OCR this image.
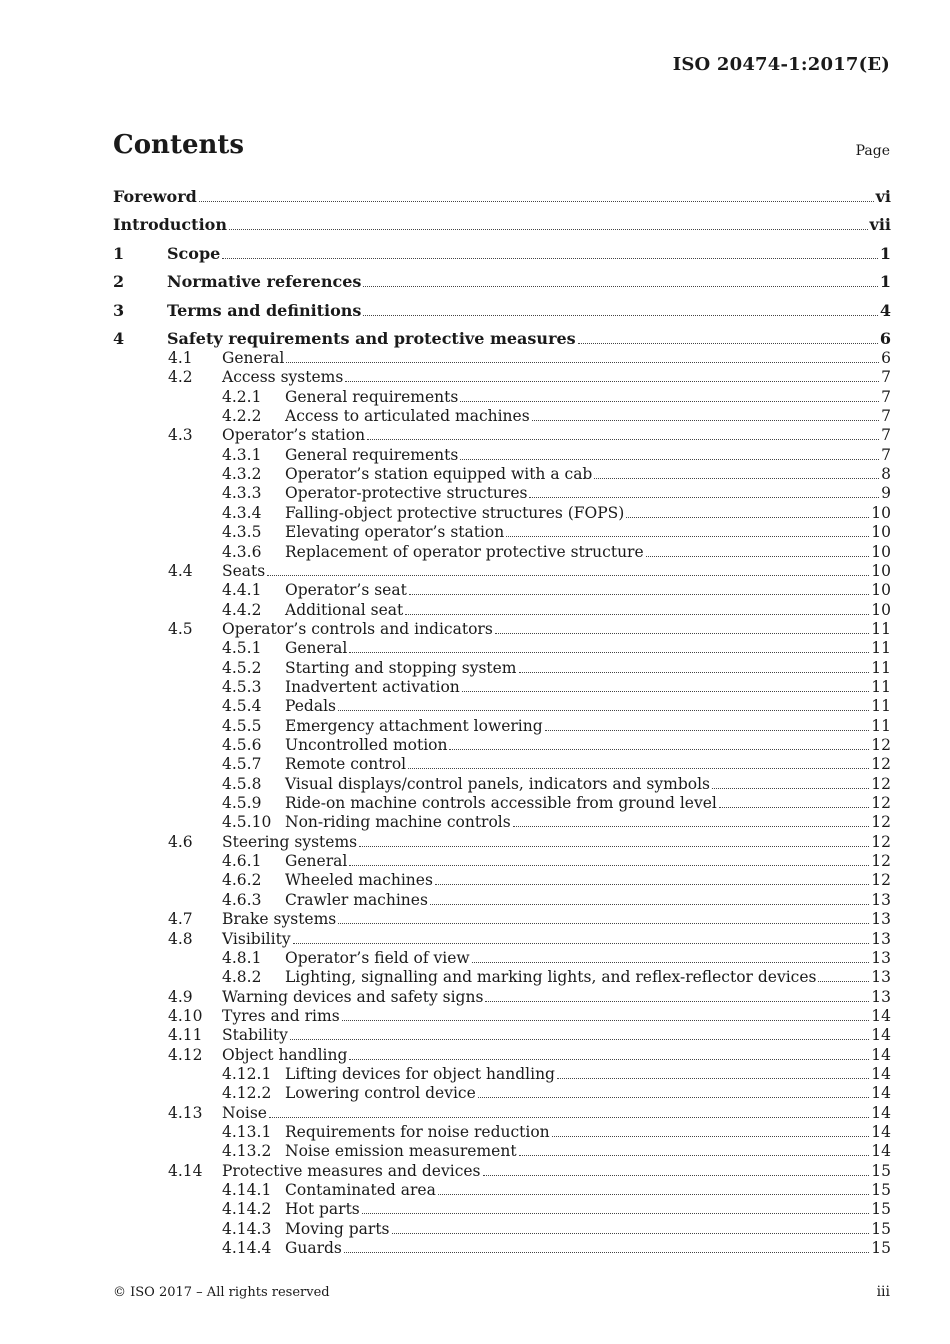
ISO 20474-1:2017(E)
Contents	Page
Foreword	vi
Introduction	vii
1	Scope	1
2	Normative references	1
3	Terms and definitions	4
4	Safety requirements and protective measures	6
4.1	General	6
4.2	Access systems	7
4.2.1	General requirements	7
4.2.2	Access to articulated machines	7
4.3	Operator’s station	7
4.3.1	General requirements	7
4.3.2	Operator’s station equipped with a cab	8
4.3.3	Operator-protective structures	9
4.3.4	Falling-object protective structures (FOPS)	10
4.3.5	Elevating operator’s station	10
4.3.6	Replacement of operator protective structure	10
4.4	Seats	10
4.4.1	Operator’s seat	10
4.4.2	Additional seat	10
4.5	Operator’s controls and indicators	11
4.5.1	General	11
4.5.2	Starting and stopping system	11
4.5.3	Inadvertent activation	11
4.5.4	Pedals	11
4.5.5	Emergency attachment lowering	11
4.5.6	Uncontrolled motion	12
4.5.7	Remote control	12
4.5.8	Visual displays/control panels, indicators and symbols	12
4.5.9	Ride-on machine controls accessible from ground level	12
4.5.10 Non-riding machine controls	12
4.6	Steering systems	12
4.6.1	General	12
4.6.2	Wheeled machines	12
4.6.3	Crawler machines	13
4.7	Brake systems	13
4.8	Visibility	13
4.8.1	Operator’s field of view	13
4.8.2	Lighting, signalling and marking lights, and reflex-reflector devices	13
4.9	Warning devices and safety signs	13
4.10	Tyres and rims	14
4.11	Stability	14
4.12	Object handling	14
4.12.1 Lifting devices for object handling	14
4.12.2 Lowering control device	14
4.13	Noise	14
4.13.1 Requirements for noise reduction	14
4.13.2 Noise emission measurement	14
4.14	Protective measures and devices	15
4.14.1 Contaminated area	15
4.14.2 Hot parts	15
4.14.3 Moving parts	15
4.14.4 Guards	15
© ISO 2017 – All rights reserved	iii
